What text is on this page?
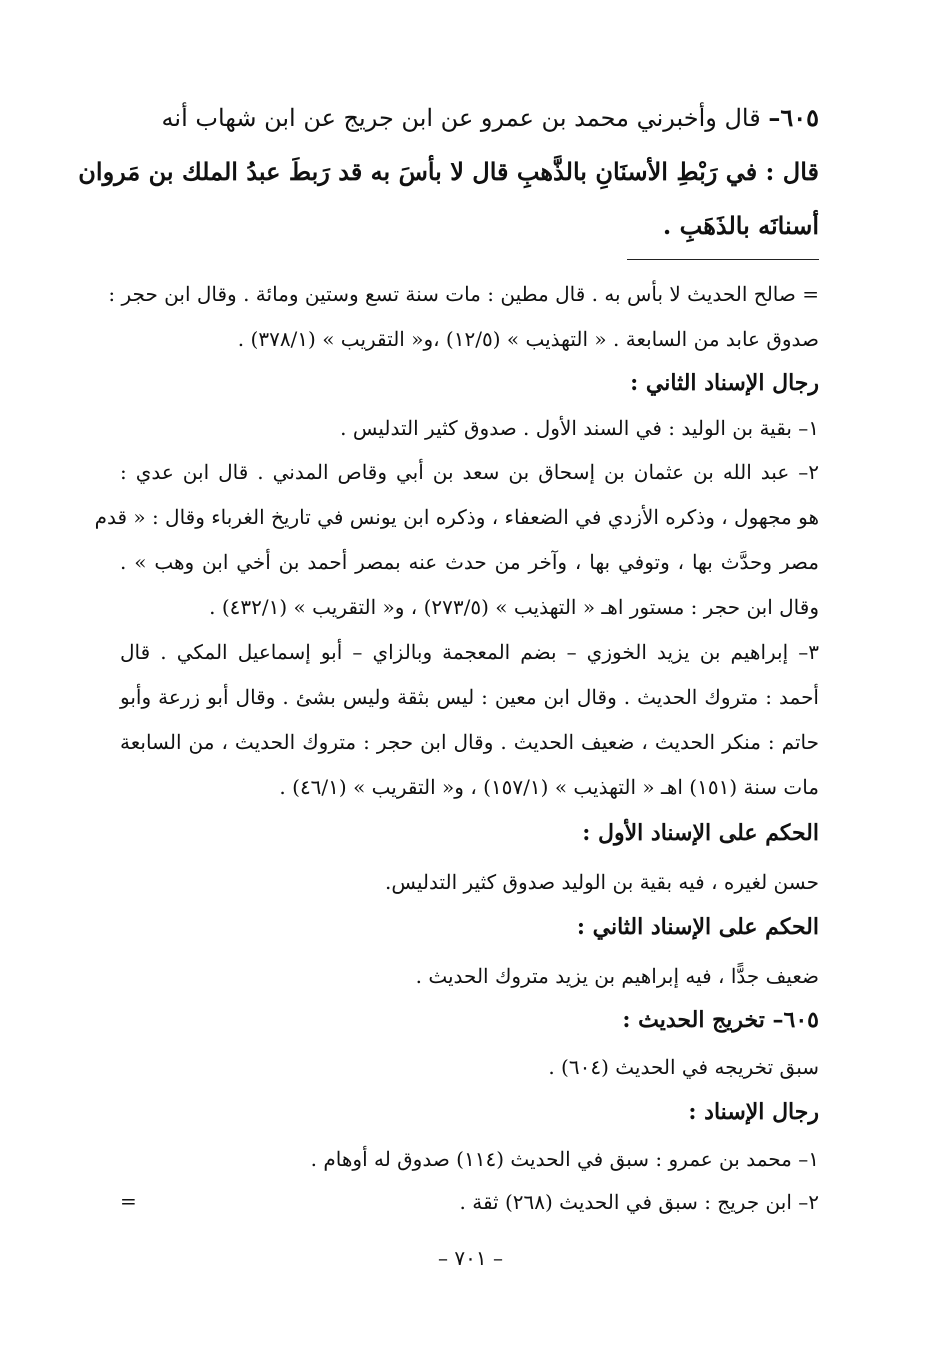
٦٠٥– قال وأخبرني محمد بن عمرو عن ابن جريج عن ابن شهاب أنه
قال : في رَبْطِ الأسنَانِ بالذَّهبِ قال لا بأسَ به قد رَبطَ عبدُ الملك بن مَروان
أسنانَه بالذَهَبِ .
= صالح الحديث لا بأس به . قال مطين : مات سنة تسع وستين ومائة . وقال ابن حجر :
صدوق عابد من السابعة . « التهذيب » (١٢/٥) ،و« التقريب » (٣٧٨/١) .
رجال الإسناد الثاني :
١– بقية بن الوليد : في السند الأول . صدوق كثير التدليس .
٢– عبد الله بن عثمان بن إسحاق بن سعد بن أبي وقاص المدني . قال ابن عدي :
هو مجهول ، وذكره الأزدي في الضعفاء ، وذكره ابن يونس في تاريخ الغرباء وقال : « قدم
مصر وحدَّث بها ، وتوفي بها ، وآخر من حدث عنه بمصر أحمد بن أخي ابن وهب » .
وقال ابن حجر : مستور اهـ « التهذيب » (٢٧٣/٥) ، و« التقريب » (٤٣٢/١) .
٣– إبراهيم بن يزيد الخوزي – بضم المعجمة وبالزاي – أبو إسماعيل المكي . قال
أحمد : متروك الحديث . وقال ابن معين : ليس بثقة وليس بشئ . وقال أبو زرعة وأبو
حاتم : منكر الحديث ، ضعيف الحديث . وقال ابن حجر : متروك الحديث ، من السابعة
مات سنة (١٥١) اهـ « التهذيب » (١٥٧/١) ، و« التقريب » (٤٦/١) .
الحكم على الإسناد الأول :
حسن لغيره ، فيه بقية بن الوليد صدوق كثير التدليس.
الحكم على الإسناد الثاني :
ضعيف جدًّا ، فيه إبراهيم بن يزيد متروك الحديث .
٦٠٥– تخريج الحديث :
سبق تخريجه في الحديث (٦٠٤) .
رجال الإسناد :
١– محمد بن عمرو : سبق في الحديث (١١٤) صدوق له أوهام .
٢– ابن جريج : سبق في الحديث (٢٦٨) ثقة .
=
– ٧٠١ –
